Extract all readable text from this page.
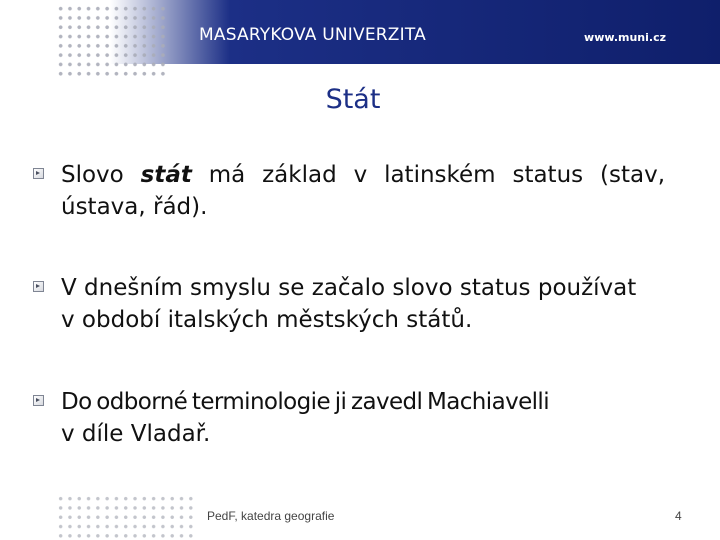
MASARYKOVA UNIVERZITA	www.muni.cz
Stát
Slovo stát má základ v latinském status (stav,
ústava, řád).
V dnešním smyslu se začalo slovo status používat
v období italských městských států.
Do odborné terminologie ji zavedl Machiavelli
v díle Vladař.
PedF, katedra geografie	4
